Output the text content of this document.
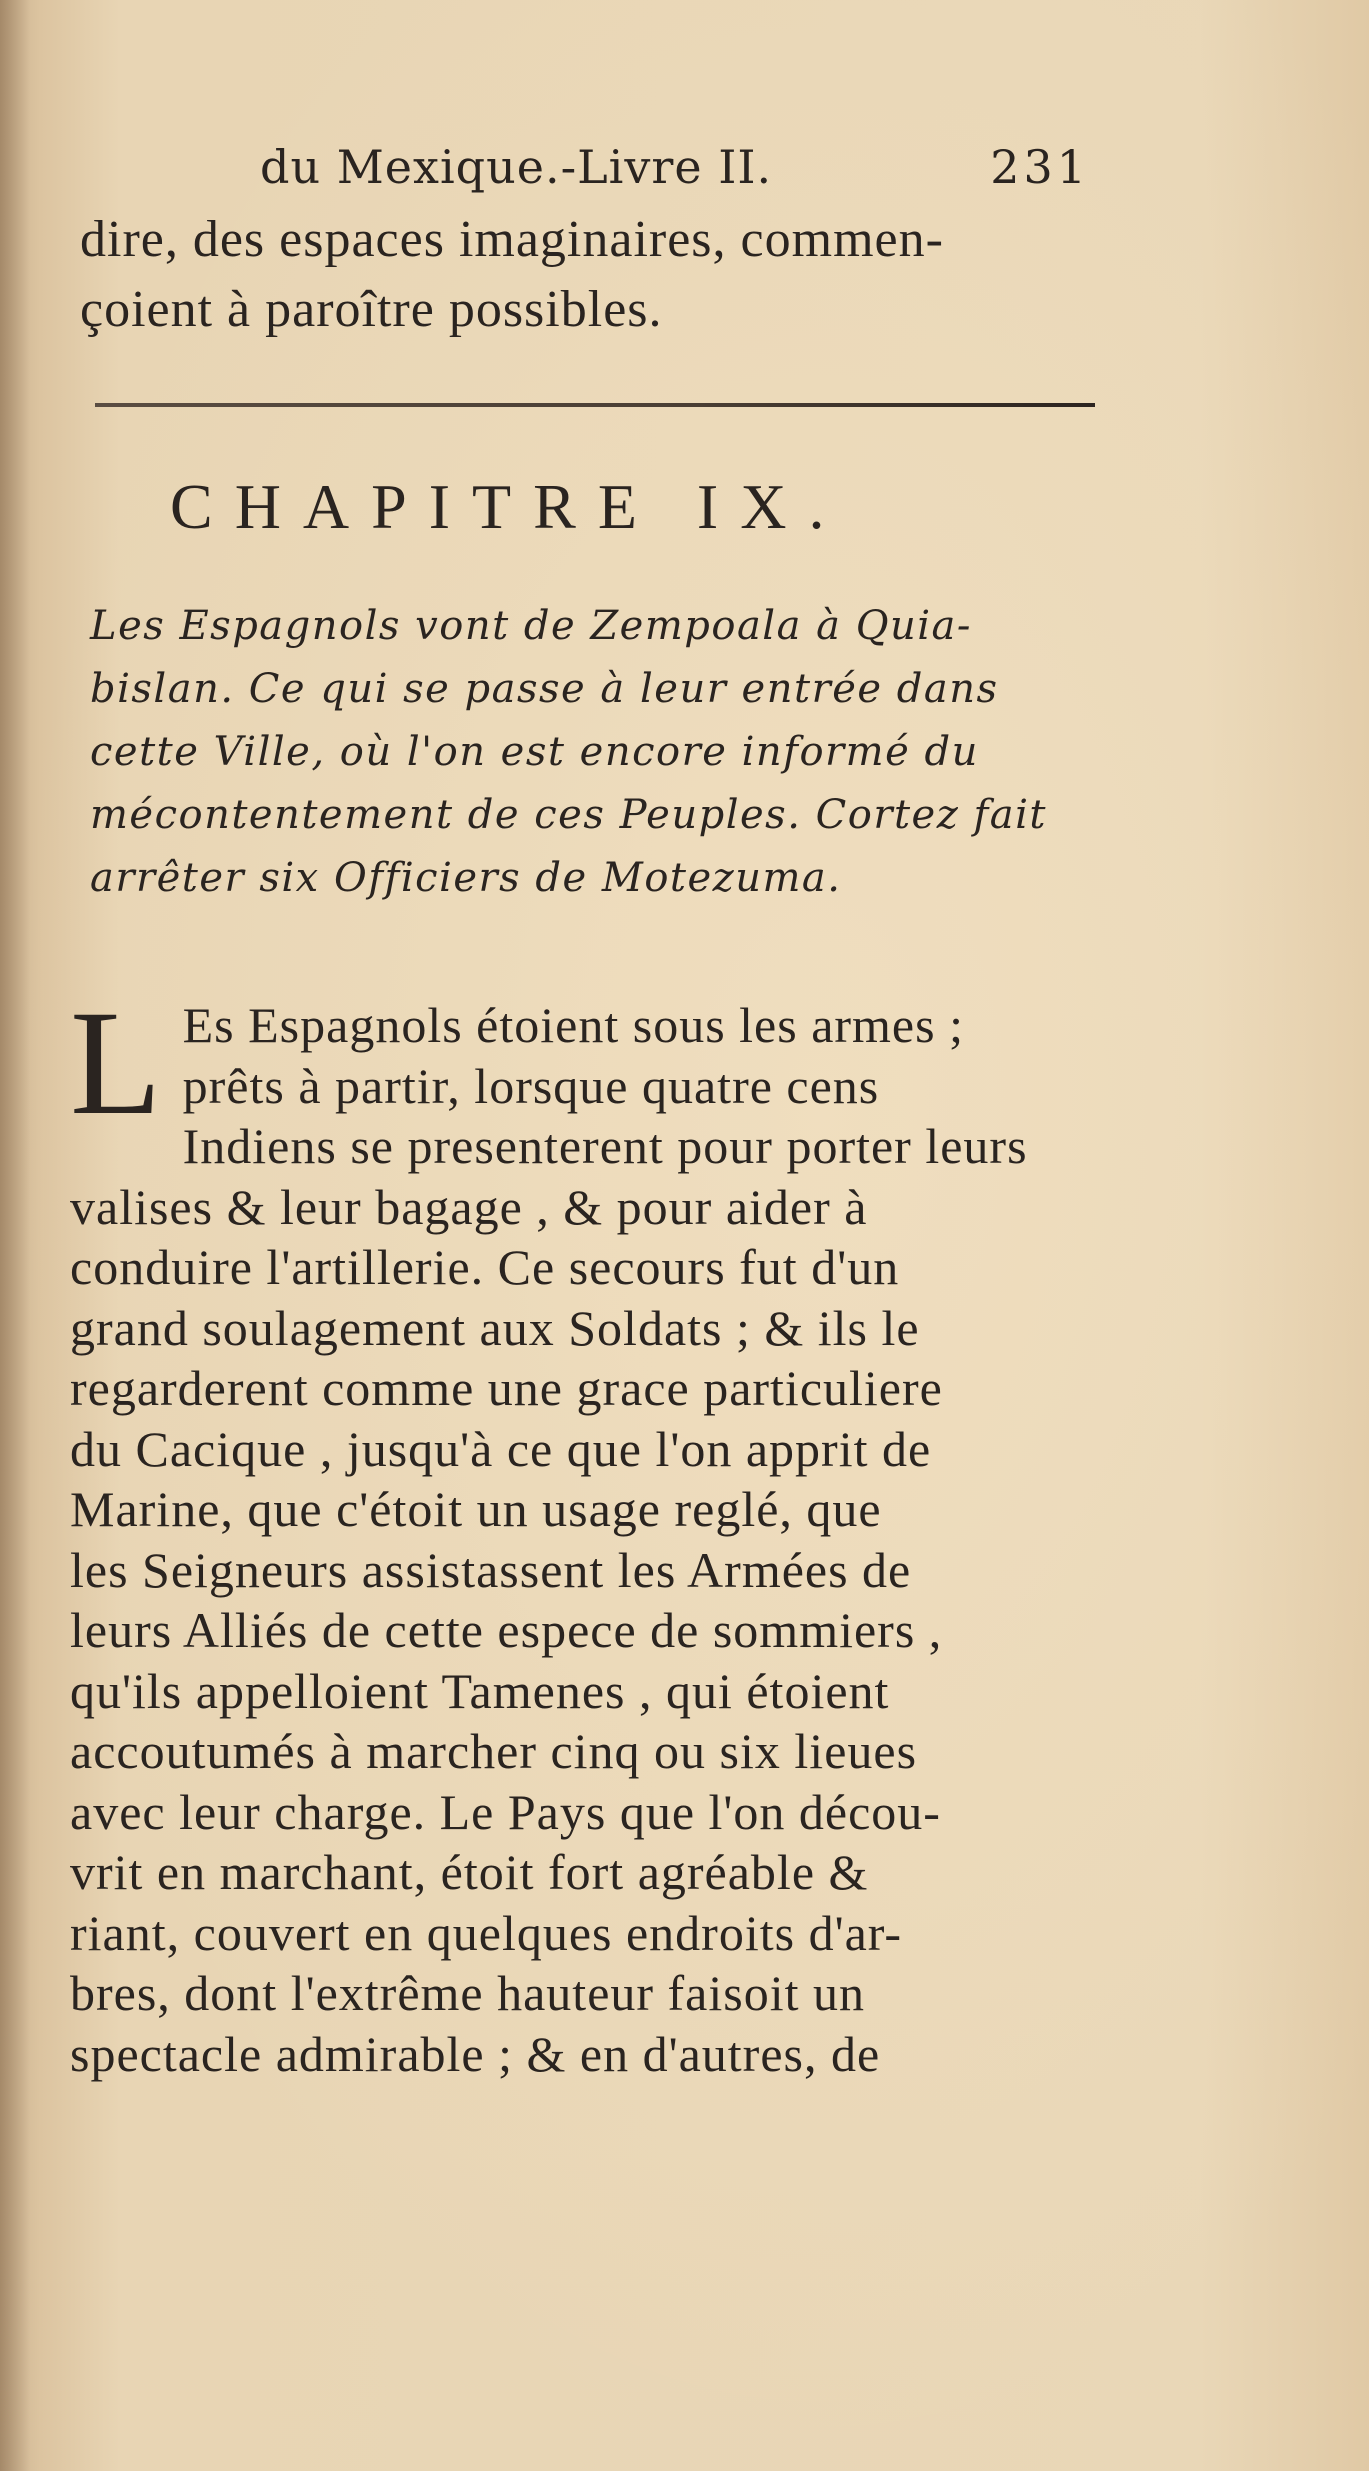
du Mexique.-Livre II.	231
dire, des espaces imaginaires, commen-
çoient à paroître possibles.
CHAPITRE IX.
Les Espagnols vont de Zempoala à Quia-
bislan. Ce qui se passe à leur entrée dans
cette Ville, où l'on est encore informé du
mécontentement de ces Peuples. Cortez fait
arrêter six Officiers de Motezuma.
L Es Espagnols étoient sous les armes ;
prêts à partir, lorsque quatre cens
Indiens se presenterent pour porter leurs
valises & leur bagage , & pour aider à
conduire l'artillerie. Ce secours fut d'un
grand soulagement aux Soldats ; & ils le
regarderent comme une grace particuliere
du Cacique , jusqu'à ce que l'on apprit de
Marine, que c'étoit un usage reglé, que
les Seigneurs assistassent les Armées de
leurs Alliés de cette espece de sommiers ,
qu'ils appelloient Tamenes , qui étoient
accoutumés à marcher cinq ou six lieues
avec leur charge. Le Pays que l'on décou-
vrit en marchant, étoit fort agréable &
riant, couvert en quelques endroits d'ar-
bres, dont l'extrême hauteur faisoit un
spectacle admirable ; & en d'autres, de
